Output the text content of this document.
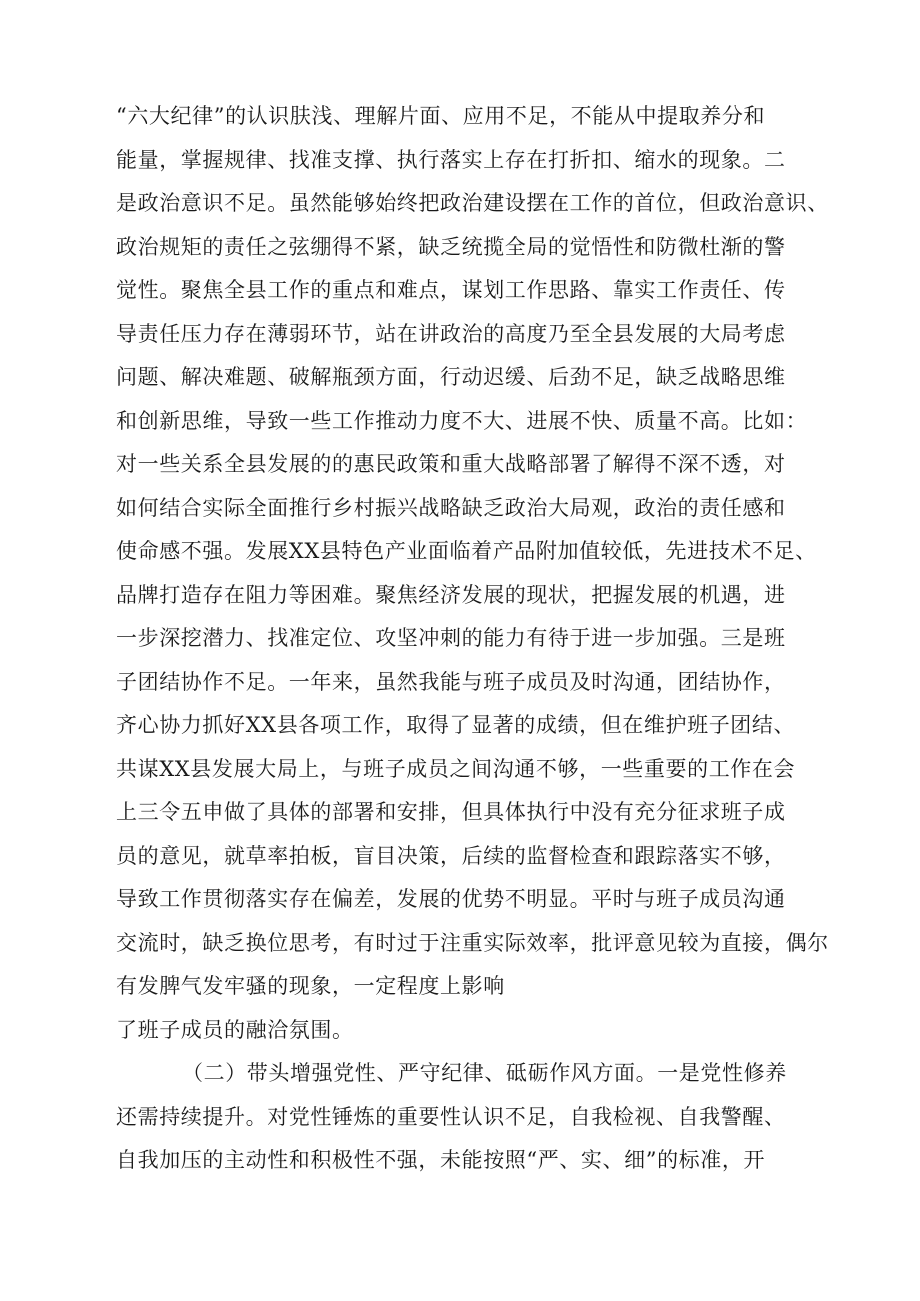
“六大纪律”的认识肤浅、理解片面、应用不足，不能从中提取养分和
能量，掌握规律、找准支撑、执行落实上存在打折扣、缩水的现象。二
是政治意识不足。虽然能够始终把政治建设摆在工作的首位，但政治意识、
政治规矩的责任之弦绷得不紧，缺乏统揽全局的觉悟性和防微杜渐的警
觉性。聚焦全县工作的重点和难点，谋划工作思路、靠实工作责任、传
导责任压力存在薄弱环节，站在讲政治的高度乃至全县发展的大局考虑
问题、解决难题、破解瓶颈方面，行动迟缓、后劲不足，缺乏战略思维
和创新思维，导致一些工作推动力度不大、进展不快、质量不高。比如：
对一些关系全县发展的的惠民政策和重大战略部署了解得不深不透，对
如何结合实际全面推行乡村振兴战略缺乏政治大局观，政治的责任感和
使命感不强。发展XX县特色产业面临着产品附加值较低，先进技术不足、
品牌打造存在阻力等困难。聚焦经济发展的现状，把握发展的机遇，进
一步深挖潜力、找准定位、攻坚冲刺的能力有待于进一步加强。三是班
子团结协作不足。一年来，虽然我能与班子成员及时沟通，团结协作，
齐心协力抓好XX县各项工作，取得了显著的成绩，但在维护班子团结、
共谋XX县发展大局上，与班子成员之间沟通不够，一些重要的工作在会
上三令五申做了具体的部署和安排，但具体执行中没有充分征求班子成
员的意见，就草率拍板，盲目决策，后续的监督检查和跟踪落实不够，
导致工作贯彻落实存在偏差，发展的优势不明显。平时与班子成员沟通
交流时，缺乏换位思考，有时过于注重实际效率，批评意见较为直接，偶尔
有发脾气发牢骚的现象，一定程度上影响
了班子成员的融洽氛围。
（二）带头增强党性、严守纪律、砥砺作风方面。一是党性修养
还需持续提升。对党性锤炼的重要性认识不足，自我检视、自我警醒、
自我加压的主动性和积极性不强，未能按照“严、实、细”的标准，开
